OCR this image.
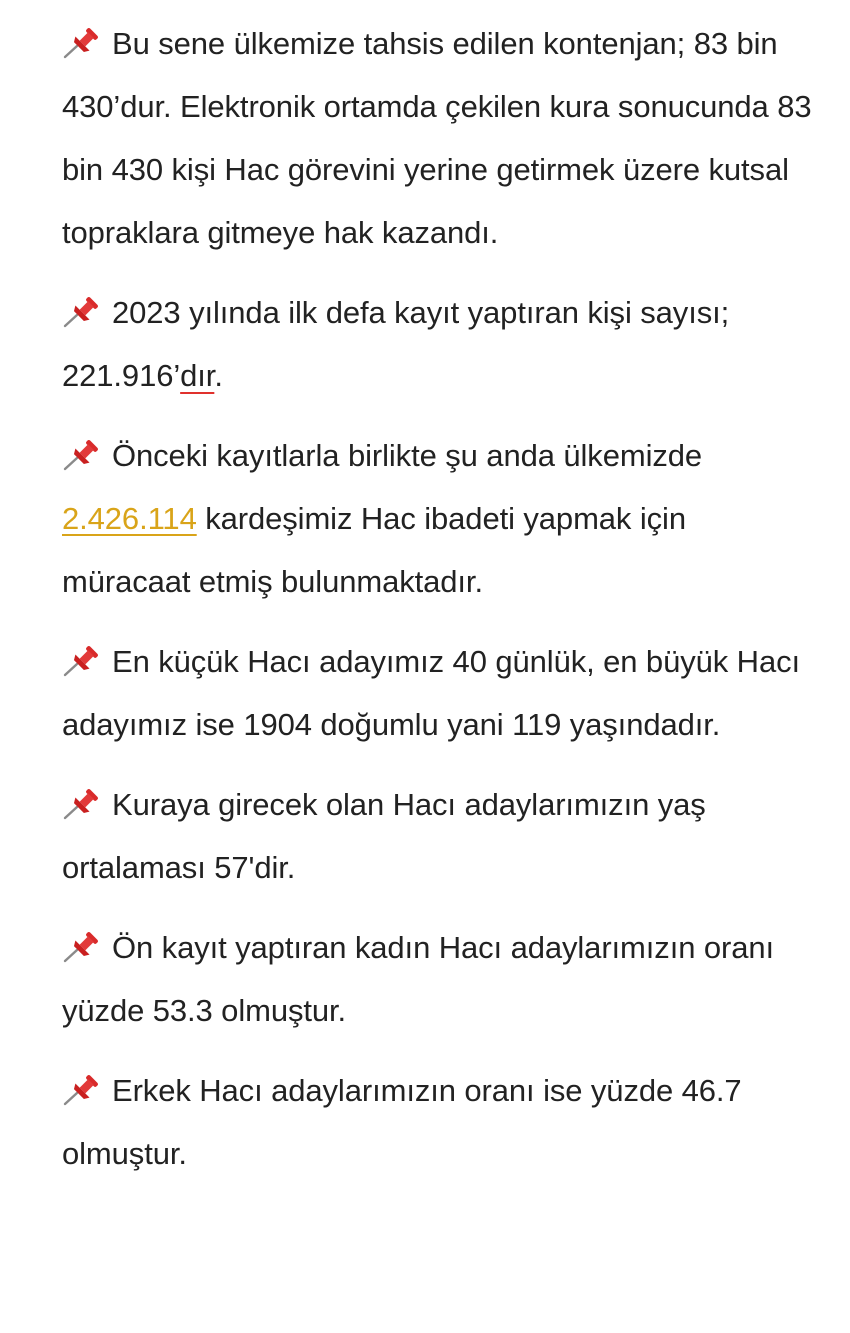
Bu sene ülkemize tahsis edilen kontenjan; 83 bin 430’dur. Elektronik ortamda çekilen kura sonucunda 83 bin 430 kişi Hac görevini yerine getirmek üzere kutsal topraklara gitmeye hak kazandı.

2023 yılında ilk defa kayıt yaptıran kişi sayısı; 221.916’dır.

Önceki kayıtlarla birlikte şu anda ülkemizde 2.426.114 kardeşimiz Hac ibadeti yapmak için müracaat etmiş bulunmaktadır.

En küçük Hacı adayımız 40 günlük, en büyük Hacı adayımız ise 1904 doğumlu yani 119 yaşındadır.

Kuraya girecek olan Hacı adaylarımızın yaş ortalaması 57'dir.

Ön kayıt yaptıran kadın Hacı adaylarımızın oranı yüzde 53.3 olmuştur.

Erkek Hacı adaylarımızın oranı ise yüzde 46.7 olmuştur.
